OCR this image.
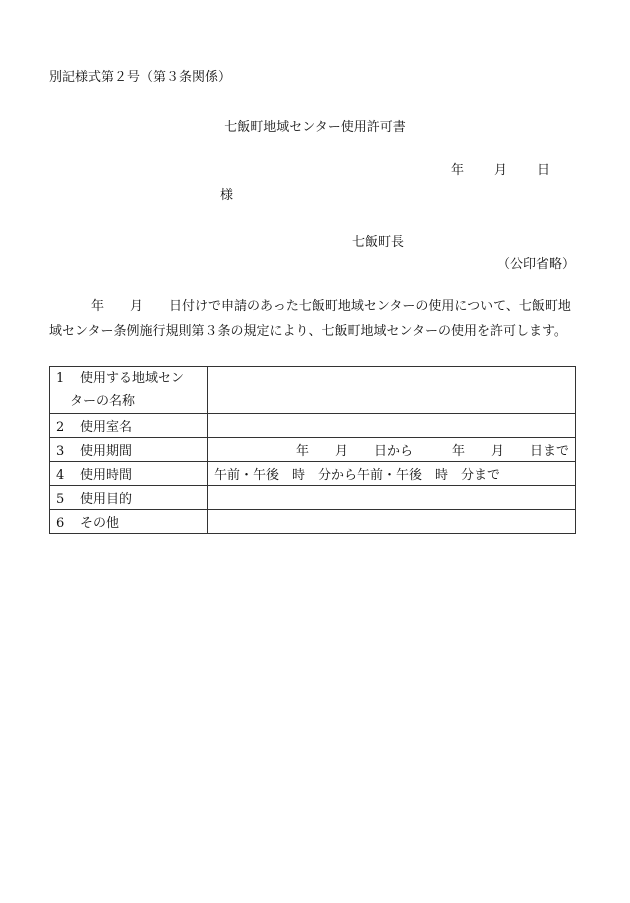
別記様式第２号（第３条関係）
七飯町地域センター使用許可書
年 月 日
様
七飯町長
（公印省略）
年　　月　　日付けで申請のあった七飯町地域センターの使用について、七飯町地域センター条例施行規則第３条の規定により、七飯町地域センターの使用を許可します。
1 使用する地域セン
ターの名称	

2 使用室名	
3 使用期間	年　　月　　日から　　　年　　月　　日まで
4 使用時間	午前・午後　時　分から午前・午後　時　分まで
5 使用目的	
6 その他	
